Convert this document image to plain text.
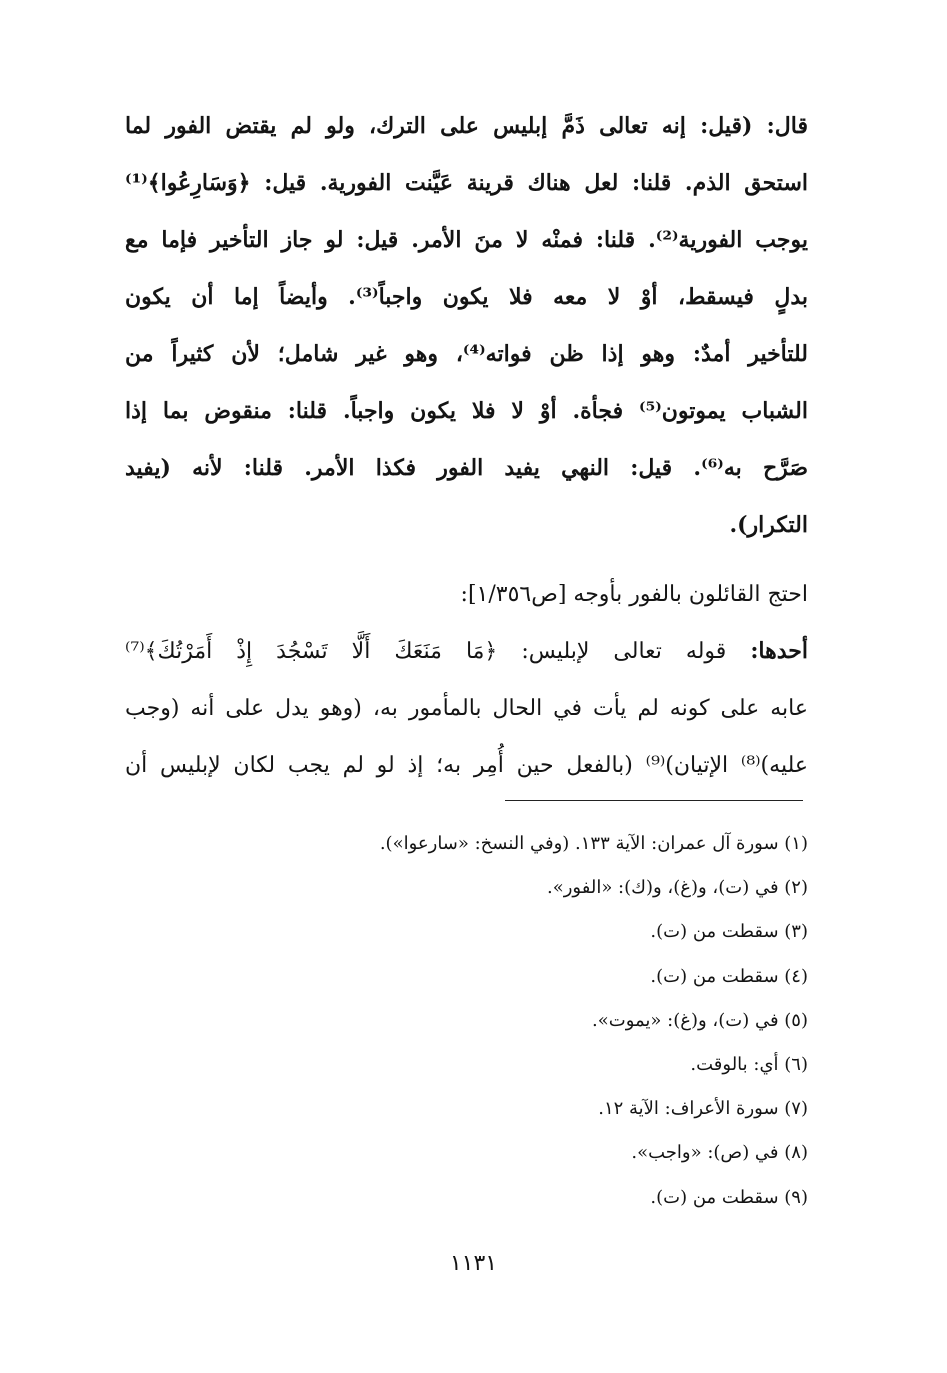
قال: (قيل: إنه تعالى ذَمَّ إبليس على الترك، ولو لم يقتض الفور لما
استحق الذم. قلنا: لعل هناك قرينة عَيَّنت الفورية. قيل: ﴿وَسَارِعُوا﴾⁽¹⁾
يوجب الفورية⁽²⁾. قلنا: فمنْه لا منَ الأمر. قيل: لو جاز التأخير فإما مع
بدلٍ فيسقط، أوْ لا معه فلا يكون واجباً⁽³⁾. وأيضاً إما أن يكون
للتأخير أمدٌ: وهو إذا ظن فواته⁽⁴⁾، وهو غير شامل؛ لأن كثيراً من
الشباب يموتون⁽⁵⁾ فجأة. أوْ لا فلا يكون واجباً. قلنا: منقوض بما إذا
صَرَّح به⁽⁶⁾. قيل: النهي يفيد الفور فكذا الأمر. قلنا: لأنه (يفيد
التكرار).
احتج القائلون بالفور بأوجه [ص١/٣٥٦]:
أحدها: قوله تعالى لإبليس: ﴿مَا مَنَعَكَ أَلَّا تَسْجُدَ إِذْ أَمَرْتُكَ﴾⁽⁷⁾
عابه على كونه لم يأت في الحال بالمأمور به، (وهو يدل على أنه (وجب
عليه)⁽⁸⁾ الإتيان)⁽⁹⁾ (بالفعل حين أُمِر به؛ إذ لو لم يجب لكان لإبليس أن
(١) سورة آل عمران: الآية ١٣٣. (وفي النسخ: «سارعوا»).
(٢) في (ت)، و(غ)، و(ك): «الفور».
(٣) سقطت من (ت).
(٤) سقطت من (ت).
(٥) في (ت)، و(غ): «يموت».
(٦) أي: بالوقت.
(٧) سورة الأعراف: الآية ١٢.
(٨) في (ص): «واجب».
(٩) سقطت من (ت).
١١٣١
